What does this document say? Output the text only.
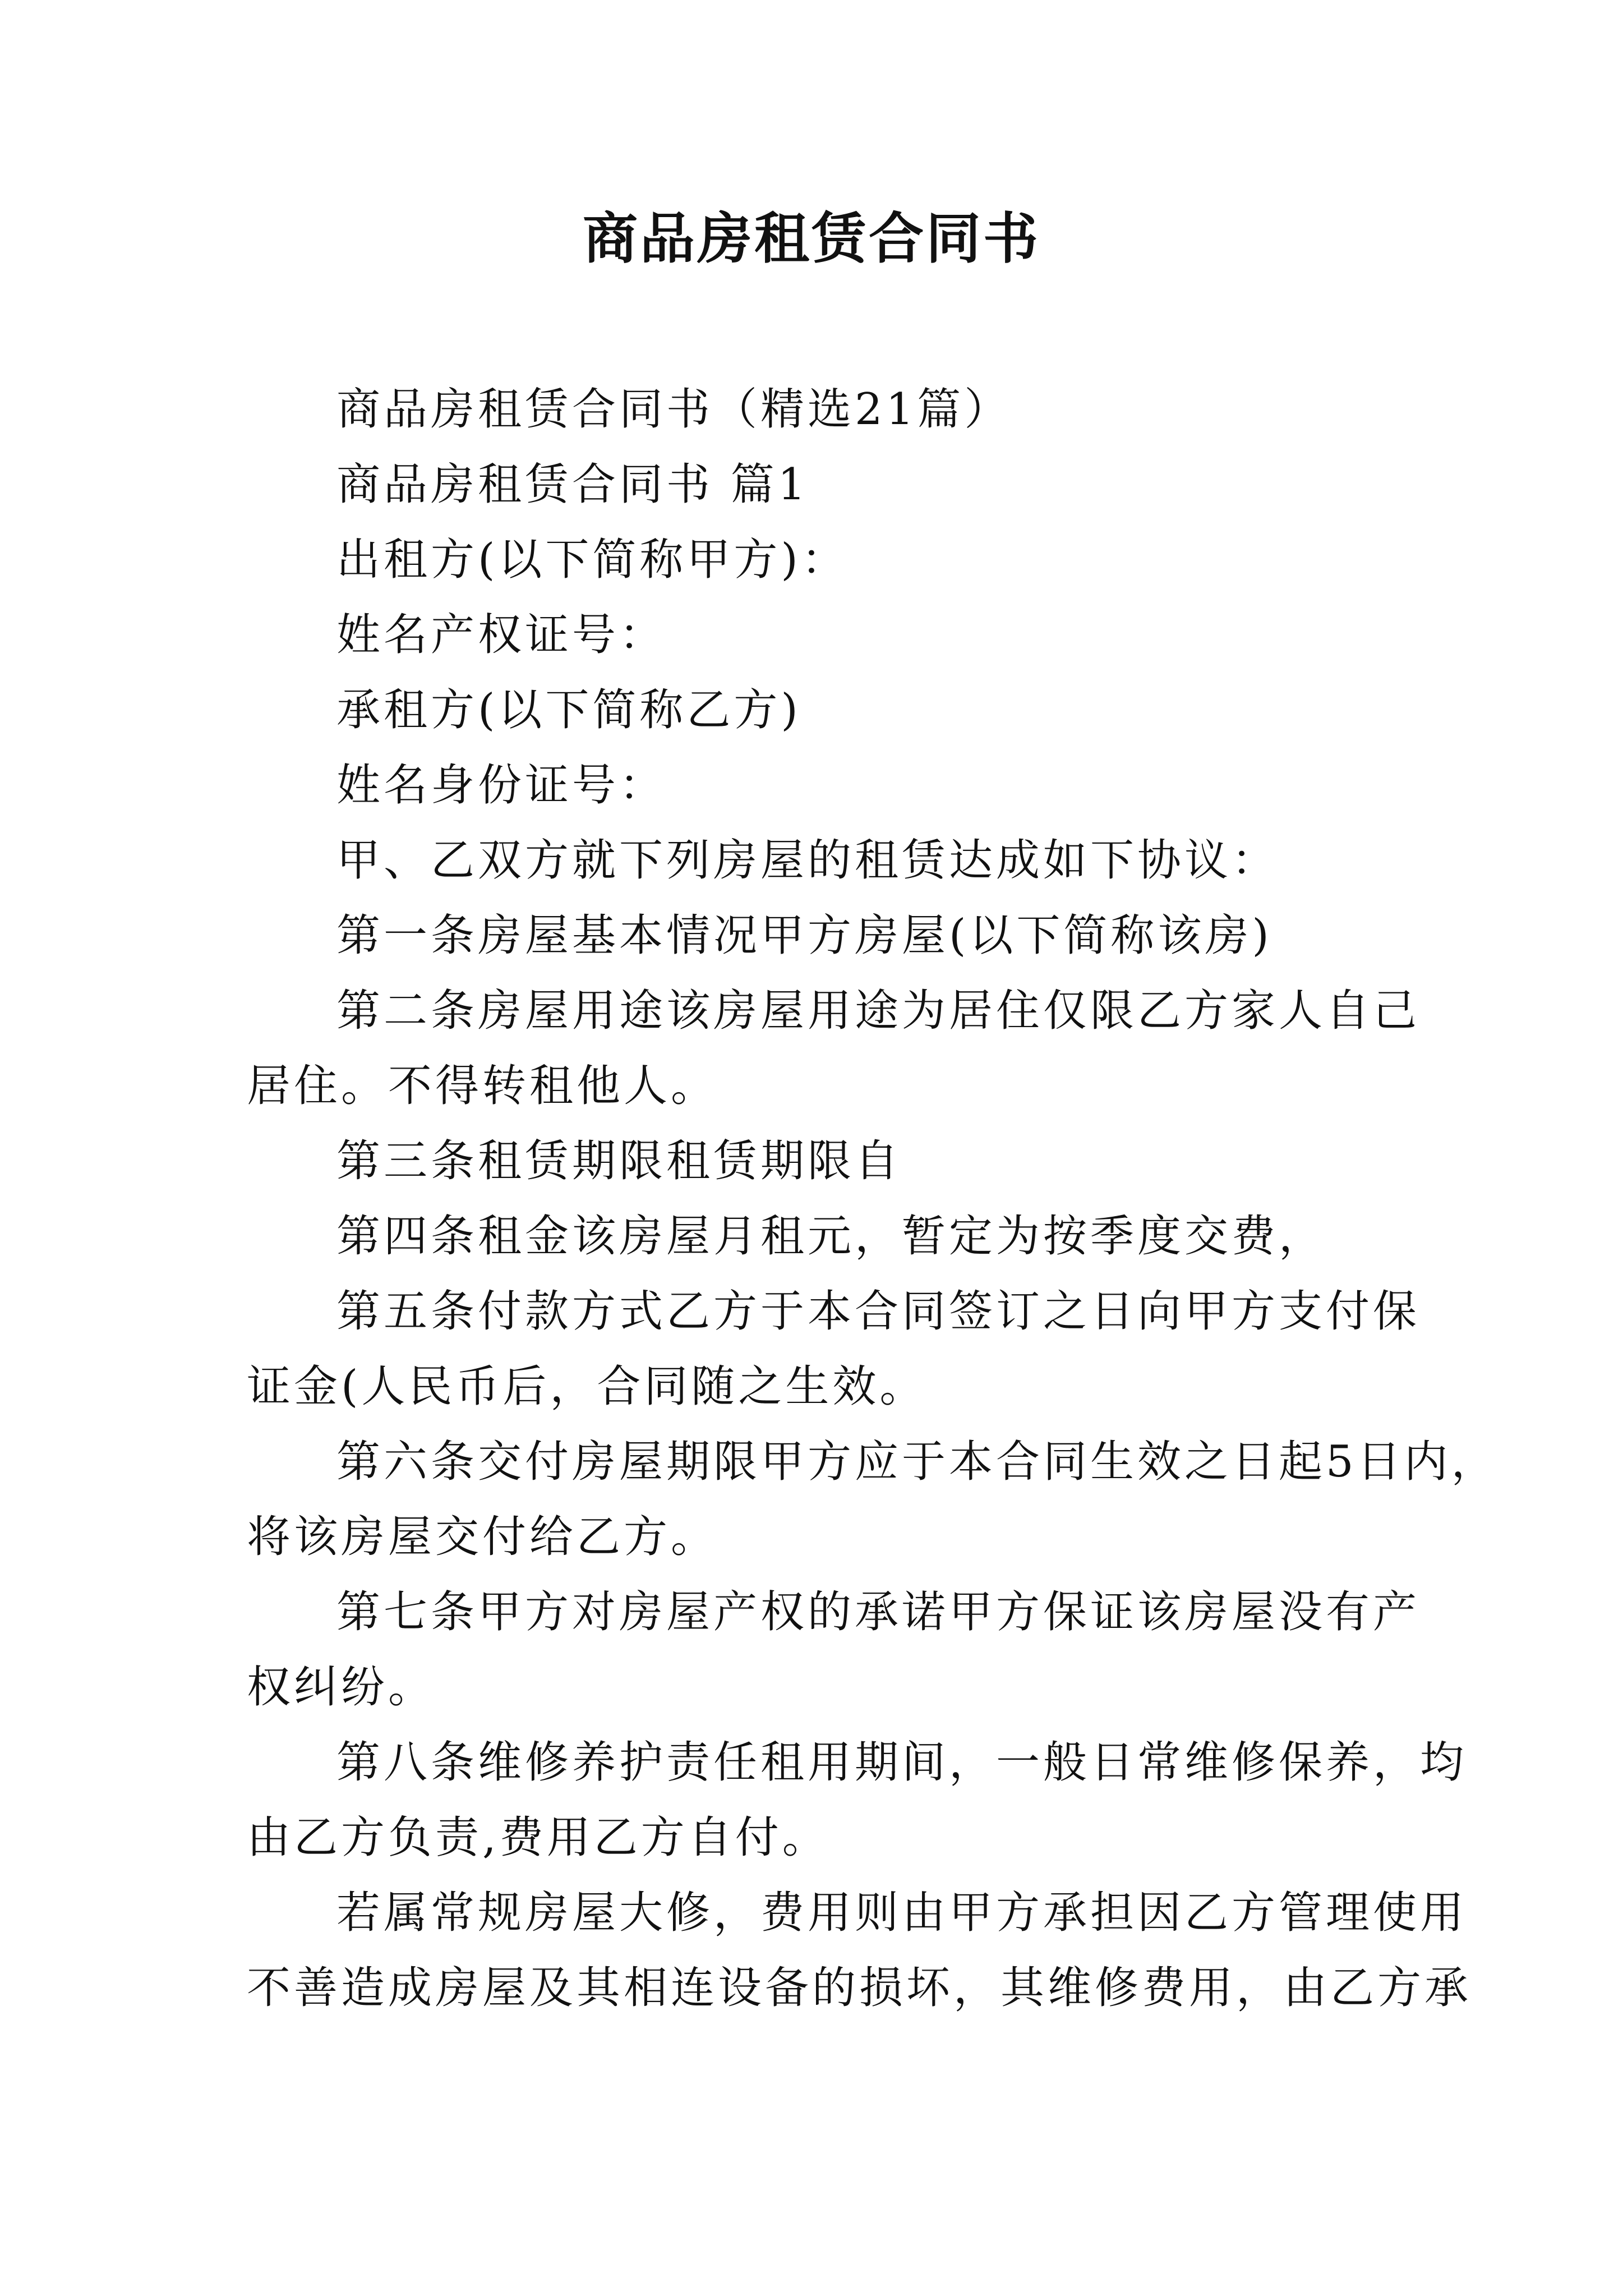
商品房租赁合同书

商品房租赁合同书（精选21篇）

商品房租赁合同书 篇1

出租方(以下简称甲方)：

姓名产权证号：

承租方(以下简称乙方)

姓名身份证号：

甲、乙双方就下列房屋的租赁达成如下协议：

第一条房屋基本情况甲方房屋(以下简称该房)

第二条房屋用途该房屋用途为居住仅限乙方家人自己

居住。不得转租他人。

第三条租赁期限租赁期限自

第四条租金该房屋月租元，暂定为按季度交费，

第五条付款方式乙方于本合同签订之日向甲方支付保

证金(人民币后，合同随之生效。

第六条交付房屋期限甲方应于本合同生效之日起5日内，

将该房屋交付给乙方。

第七条甲方对房屋产权的承诺甲方保证该房屋没有产

权纠纷。

第八条维修养护责任租用期间，一般日常维修保养，均

由乙方负责,费用乙方自付。

若属常规房屋大修，费用则由甲方承担因乙方管理使用

不善造成房屋及其相连设备的损坏，其维修费用，由乙方承
